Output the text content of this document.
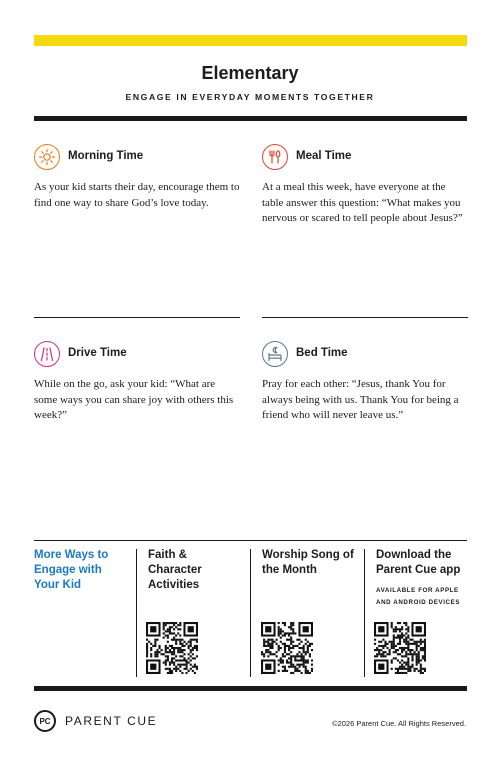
Elementary
ENGAGE IN EVERYDAY MOMENTS TOGETHER
Morning Time
As your kid starts their day, encourage them to find one way to share God’s love today.
Meal Time
At a meal this week, have everyone at the table answer this question: “What makes you nervous or scared to tell people about Jesus?”
Drive Time
While on the go, ask your kid: “What are some ways you can share joy with others this week?”
Bed Time
Pray for each other: “Jesus, thank You for always being with us. Thank You for being a friend who will never leave us.”
More Ways to Engage with Your Kid
Faith & Character Activities
Worship Song of the Month
Download the Parent Cue app
AVAILABLE FOR APPLE AND ANDROID DEVICES
PC	PARENT CUE	©2026 Parent Cue. All Rights Reserved.
